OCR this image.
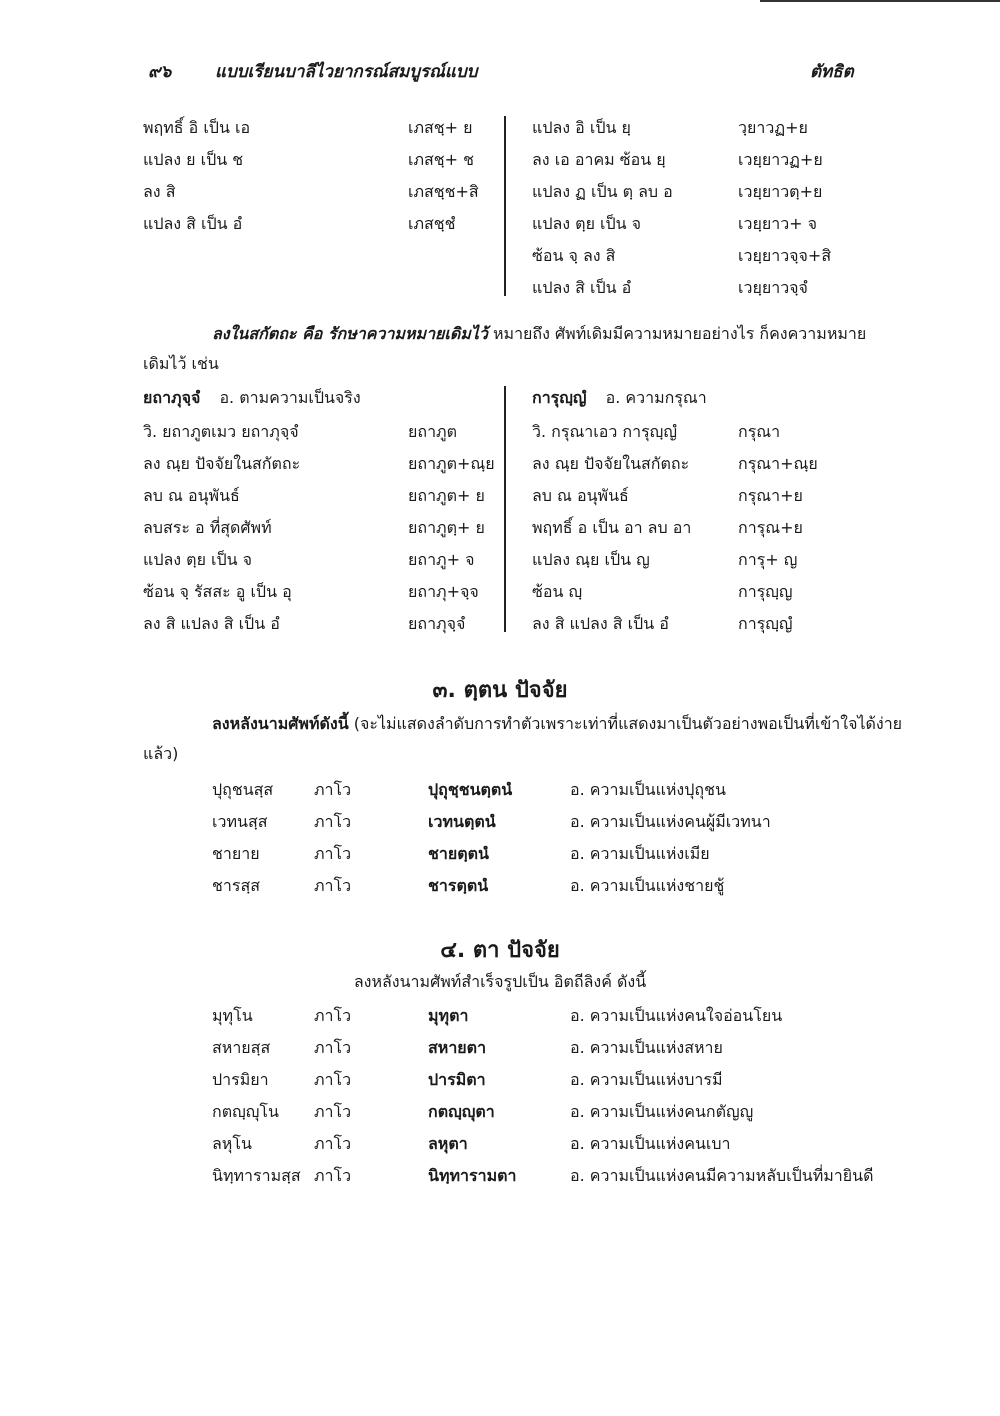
๙๖	แบบเรียนบาลีไวยากรณ์สมบูรณ์แบบ	ตัทธิต
พฤทธิ์ อิ เป็น เอ	เภสชฺ+ ย
แปลง ย เป็น ช	เภสชฺ+ ช
ลง สิ	เภสชฺช+สิ
แปลง สิ เป็น อํ	เภสชฺชํ
แปลง อิ เป็น ยฺ	วฺยาวฏ+ย
ลง เอ อาคม ซ้อน ยฺ	เวยฺยาวฏ+ย
แปลง ฏ เป็น ตฺ ลบ อ	เวยฺยาวตฺ+ย
แปลง ตฺย เป็น จ	เวยฺยาว+ จ
ซ้อน จฺ ลง สิ	เวยฺยาวจฺจ+สิ
แปลง สิ เป็น อํ	เวยฺยาวจฺจํ
ลงในสกัตถะ คือ รักษาความหมายเดิมไว้ หมายถึง ศัพท์เดิมมีความหมายอย่างไร ก็คงความหมาย
เดิมไว้ เช่น
ยถาภุจฺจํ อ. ตามความเป็นจริง
วิ. ยถาภูตเมว ยถาภุจฺจํ	ยถาภูต
ลง ณฺย ปัจจัยในสกัตถะ	ยถาภูต+ณฺย
ลบ ณ อนุพันธ์	ยถาภูต+ ย
ลบสระ อ ที่สุดศัพท์	ยถาภูตฺ+ ย
แปลง ตฺย เป็น จ	ยถาภู+ จ
ซ้อน จฺ รัสสะ อู เป็น อุ	ยถาภุ+จฺจ
ลง สิ แปลง สิ เป็น อํ	ยถาภุจฺจํ
การุญฺญํ อ. ความกรุณา
วิ. กรุณาเอว การุญฺญํ	กรุณา
ลง ณฺย ปัจจัยในสกัตถะ	กรุณา+ณฺย
ลบ ณ อนุพันธ์	กรุณา+ย
พฤทธิ์ อ เป็น อา ลบ อา	การุณ+ย
แปลง ณฺย เป็น ญ	การุ+ ญ
ซ้อน ญฺ	การุญฺญ
ลง สิ แปลง สิ เป็น อํ	การุญฺญํ
๓. ตฺตน ปัจจัย
ลงหลังนามศัพท์ดังนี้ (จะไม่แสดงลำดับการทำตัวเพราะเท่าที่แสดงมาเป็นตัวอย่างพอเป็นที่เข้าใจได้ง่าย
แล้ว)
ปุถุชนสฺส	ภาโว	ปุถุชฺชนตฺตนํ	อ. ความเป็นแห่งปุถุชน
เวทนสฺส	ภาโว	เวทนตฺตนํ	อ. ความเป็นแห่งคนผู้มีเวทนา
ชายาย	ภาโว	ชายตฺตนํ	อ. ความเป็นแห่งเมีย
ชารสฺส	ภาโว	ชารตฺตนํ	อ. ความเป็นแห่งชายชู้
๔. ตา ปัจจัย
ลงหลังนามศัพท์สำเร็จรูปเป็น อิตถีลิงค์ ดังนี้
มุทุโน	ภาโว	มุทุตา	อ. ความเป็นแห่งคนใจอ่อนโยน
สหายสฺส	ภาโว	สหายตา	อ. ความเป็นแห่งสหาย
ปารมิยา	ภาโว	ปารมิตา	อ. ความเป็นแห่งบารมี
กตญฺญุโน ภาโว	กตญฺญุตา	อ. ความเป็นแห่งคนกตัญญู
ลหุโน	ภาโว	ลหุตา	อ. ความเป็นแห่งคนเบา
นิทฺทารามสฺส ภาโว	นิทฺทารามตา	อ. ความเป็นแห่งคนมีความหลับเป็นที่มายินดี
